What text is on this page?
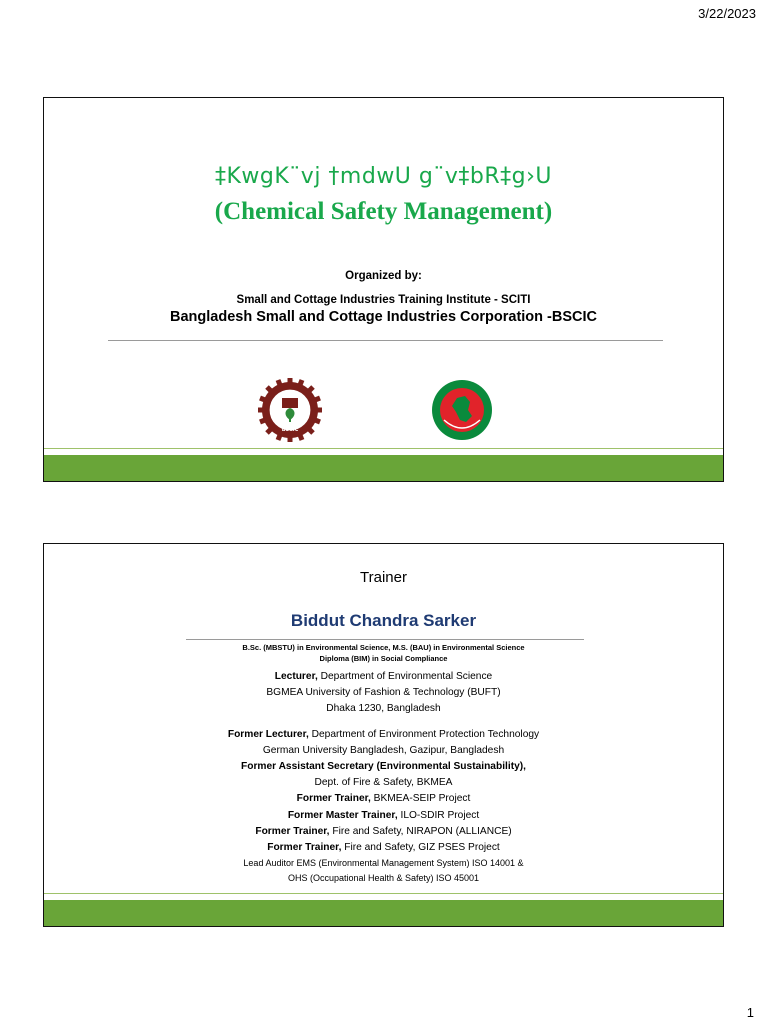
3/22/2023
‡KwgK¨vj †mdwU g¨v‡bR‡g›U
(Chemical Safety Management)
Organized by:
Small and Cottage Industries Training Institute - SCITI
Bangladesh Small and Cottage Industries Corporation -BSCIC
BSCIC
Trainer
Biddut Chandra Sarker
B.Sc. (MBSTU) in Environmental Science, M.S. (BAU) in Environmental Science
Diploma (BIM) in Social Compliance
Lecturer, Department of Environmental Science
BGMEA University of Fashion & Technology (BUFT)
Dhaka 1230, Bangladesh
Former Lecturer, Department of Environment Protection Technology
German University Bangladesh, Gazipur, Bangladesh
Former Assistant Secretary (Environmental Sustainability),
Dept. of Fire & Safety, BKMEA
Former Trainer, BKMEA-SEIP Project
Former Master Trainer, ILO-SDIR Project
Former Trainer, Fire and Safety, NIRAPON (ALLIANCE)
Former Trainer, Fire and Safety, GIZ PSES Project
Lead Auditor EMS (Environmental Management System) ISO 14001 &
OHS (Occupational Health & Safety) ISO 45001
1
